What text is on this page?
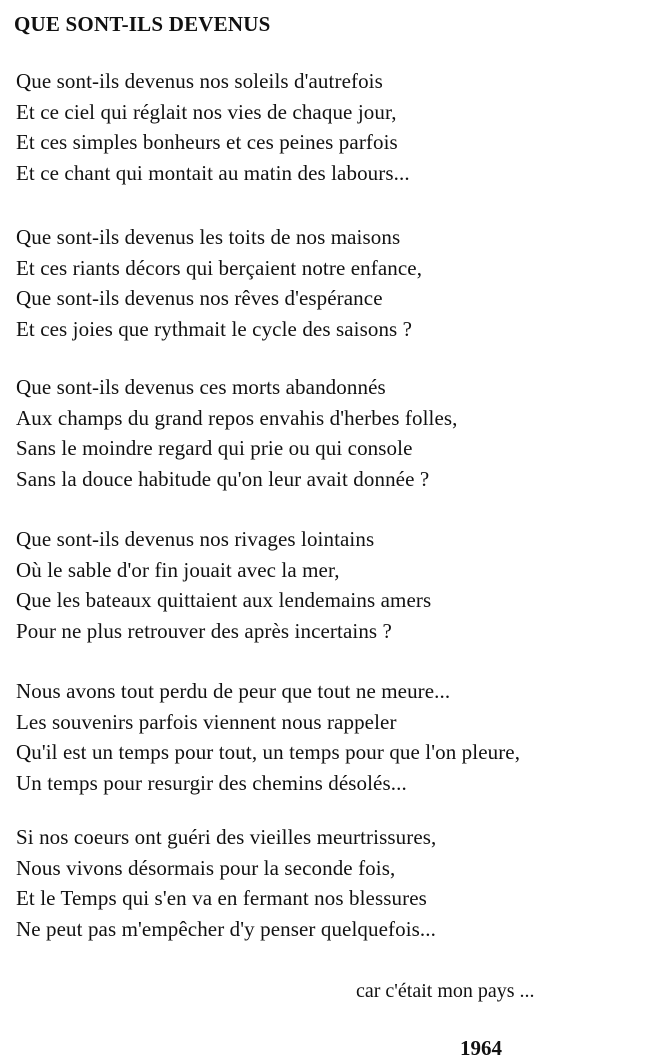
QUE SONT-ILS DEVENUS
Que sont-ils devenus nos soleils d'autrefois
Et ce ciel qui réglait nos vies de chaque jour,
Et ces simples bonheurs et ces peines parfois
Et ce chant qui montait au matin des labours...
Que sont-ils devenus les toits de nos maisons
Et ces riants décors qui berçaient notre enfance,
Que sont-ils devenus nos rêves d'espérance
Et ces joies que rythmait le cycle des saisons ?
Que sont-ils devenus ces morts abandonnés
Aux champs du grand repos envahis d'herbes folles,
Sans le moindre regard qui prie ou qui console
Sans la douce habitude qu'on leur avait donnée ?
Que sont-ils devenus nos rivages lointains
Où le sable d'or fin jouait avec la mer,
Que les bateaux quittaient aux lendemains amers
Pour ne plus retrouver des après incertains ?
Nous avons tout perdu de peur que tout ne meure...
Les souvenirs parfois viennent nous rappeler
Qu'il est un temps pour tout, un temps pour que l'on pleure,
Un temps pour resurgir des chemins désolés...
Si nos coeurs ont guéri des vieilles meurtrissures,
Nous vivons désormais pour la seconde fois,
Et le Temps qui s'en va en fermant nos blessures
Ne peut pas m'empêcher d'y penser quelquefois...
car c'était mon pays ...
1964
